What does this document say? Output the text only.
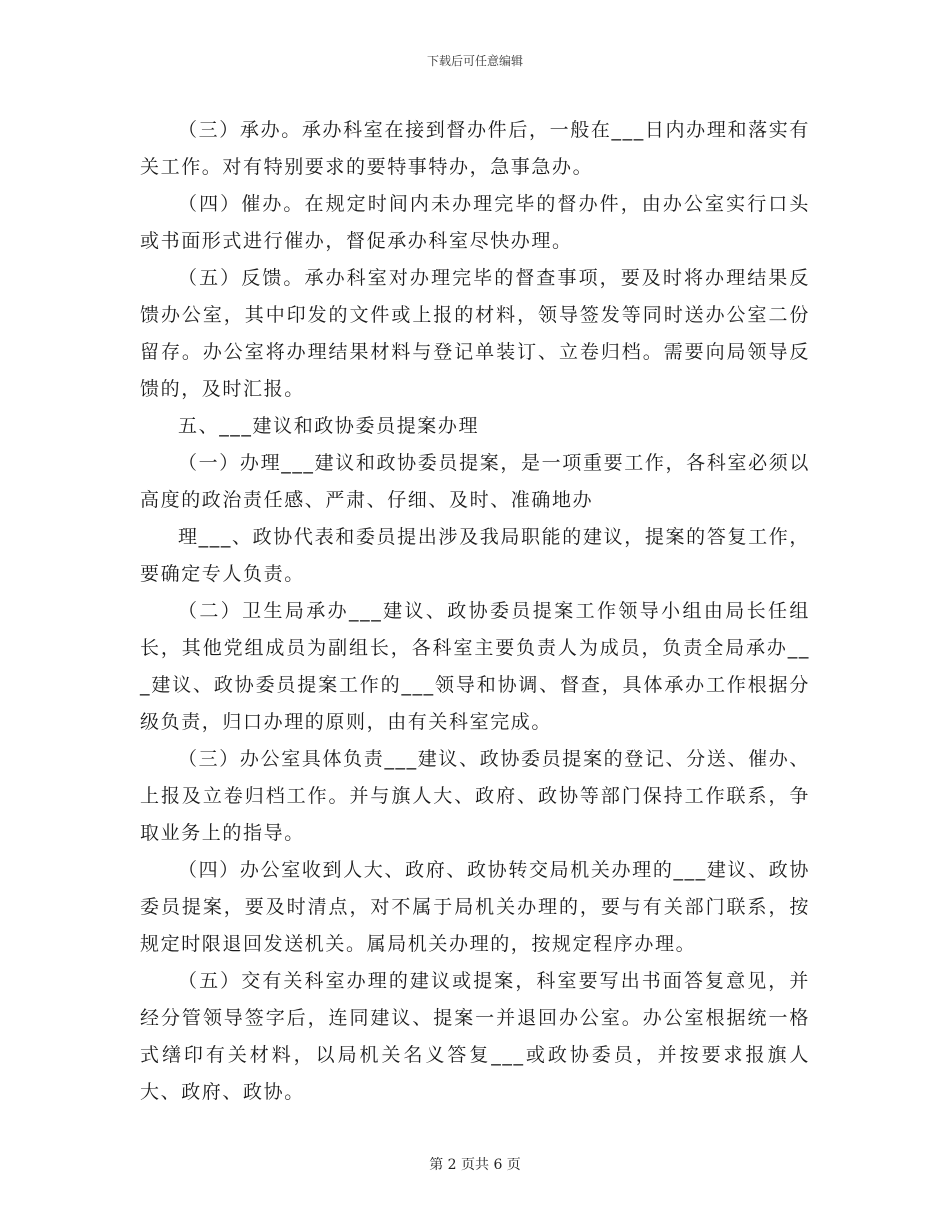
下载后可任意编辑

（三）承办。承办科室在接到督办件后，一般在___日内办理和落实有关工作。对有特别要求的要特事特办，急事急办。

（四）催办。在规定时间内未办理完毕的督办件，由办公室实行口头或书面形式进行催办，督促承办科室尽快办理。

（五）反馈。承办科室对办理完毕的督查事项，要及时将办理结果反馈办公室，其中印发的文件或上报的材料，领导签发等同时送办公室二份留存。办公室将办理结果材料与登记单装订、立卷归档。需要向局领导反馈的，及时汇报。

五、___建议和政协委员提案办理

（一）办理___建议和政协委员提案，是一项重要工作，各科室必须以高度的政治责任感、严肃、仔细、及时、准确地办

理___、政协代表和委员提出涉及我局职能的建议，提案的答复工作，要确定专人负责。

（二）卫生局承办___建议、政协委员提案工作领导小组由局长任组长，其他党组成员为副组长，各科室主要负责人为成员，负责全局承办___建议、政协委员提案工作的___领导和协调、督查，具体承办工作根据分级负责，归口办理的原则，由有关科室完成。

（三）办公室具体负责___建议、政协委员提案的登记、分送、催办、上报及立卷归档工作。并与旗人大、政府、政协等部门保持工作联系，争取业务上的指导。

（四）办公室收到人大、政府、政协转交局机关办理的___建议、政协委员提案，要及时清点，对不属于局机关办理的，要与有关部门联系，按规定时限退回发送机关。属局机关办理的，按规定程序办理。

（五）交有关科室办理的建议或提案，科室要写出书面答复意见，并经分管领导签字后，连同建议、提案一并退回办公室。办公室根据统一格式缮印有关材料，以局机关名义答复___或政协委员，并按要求报旗人大、政府、政协。

第 2 页共 6 页
